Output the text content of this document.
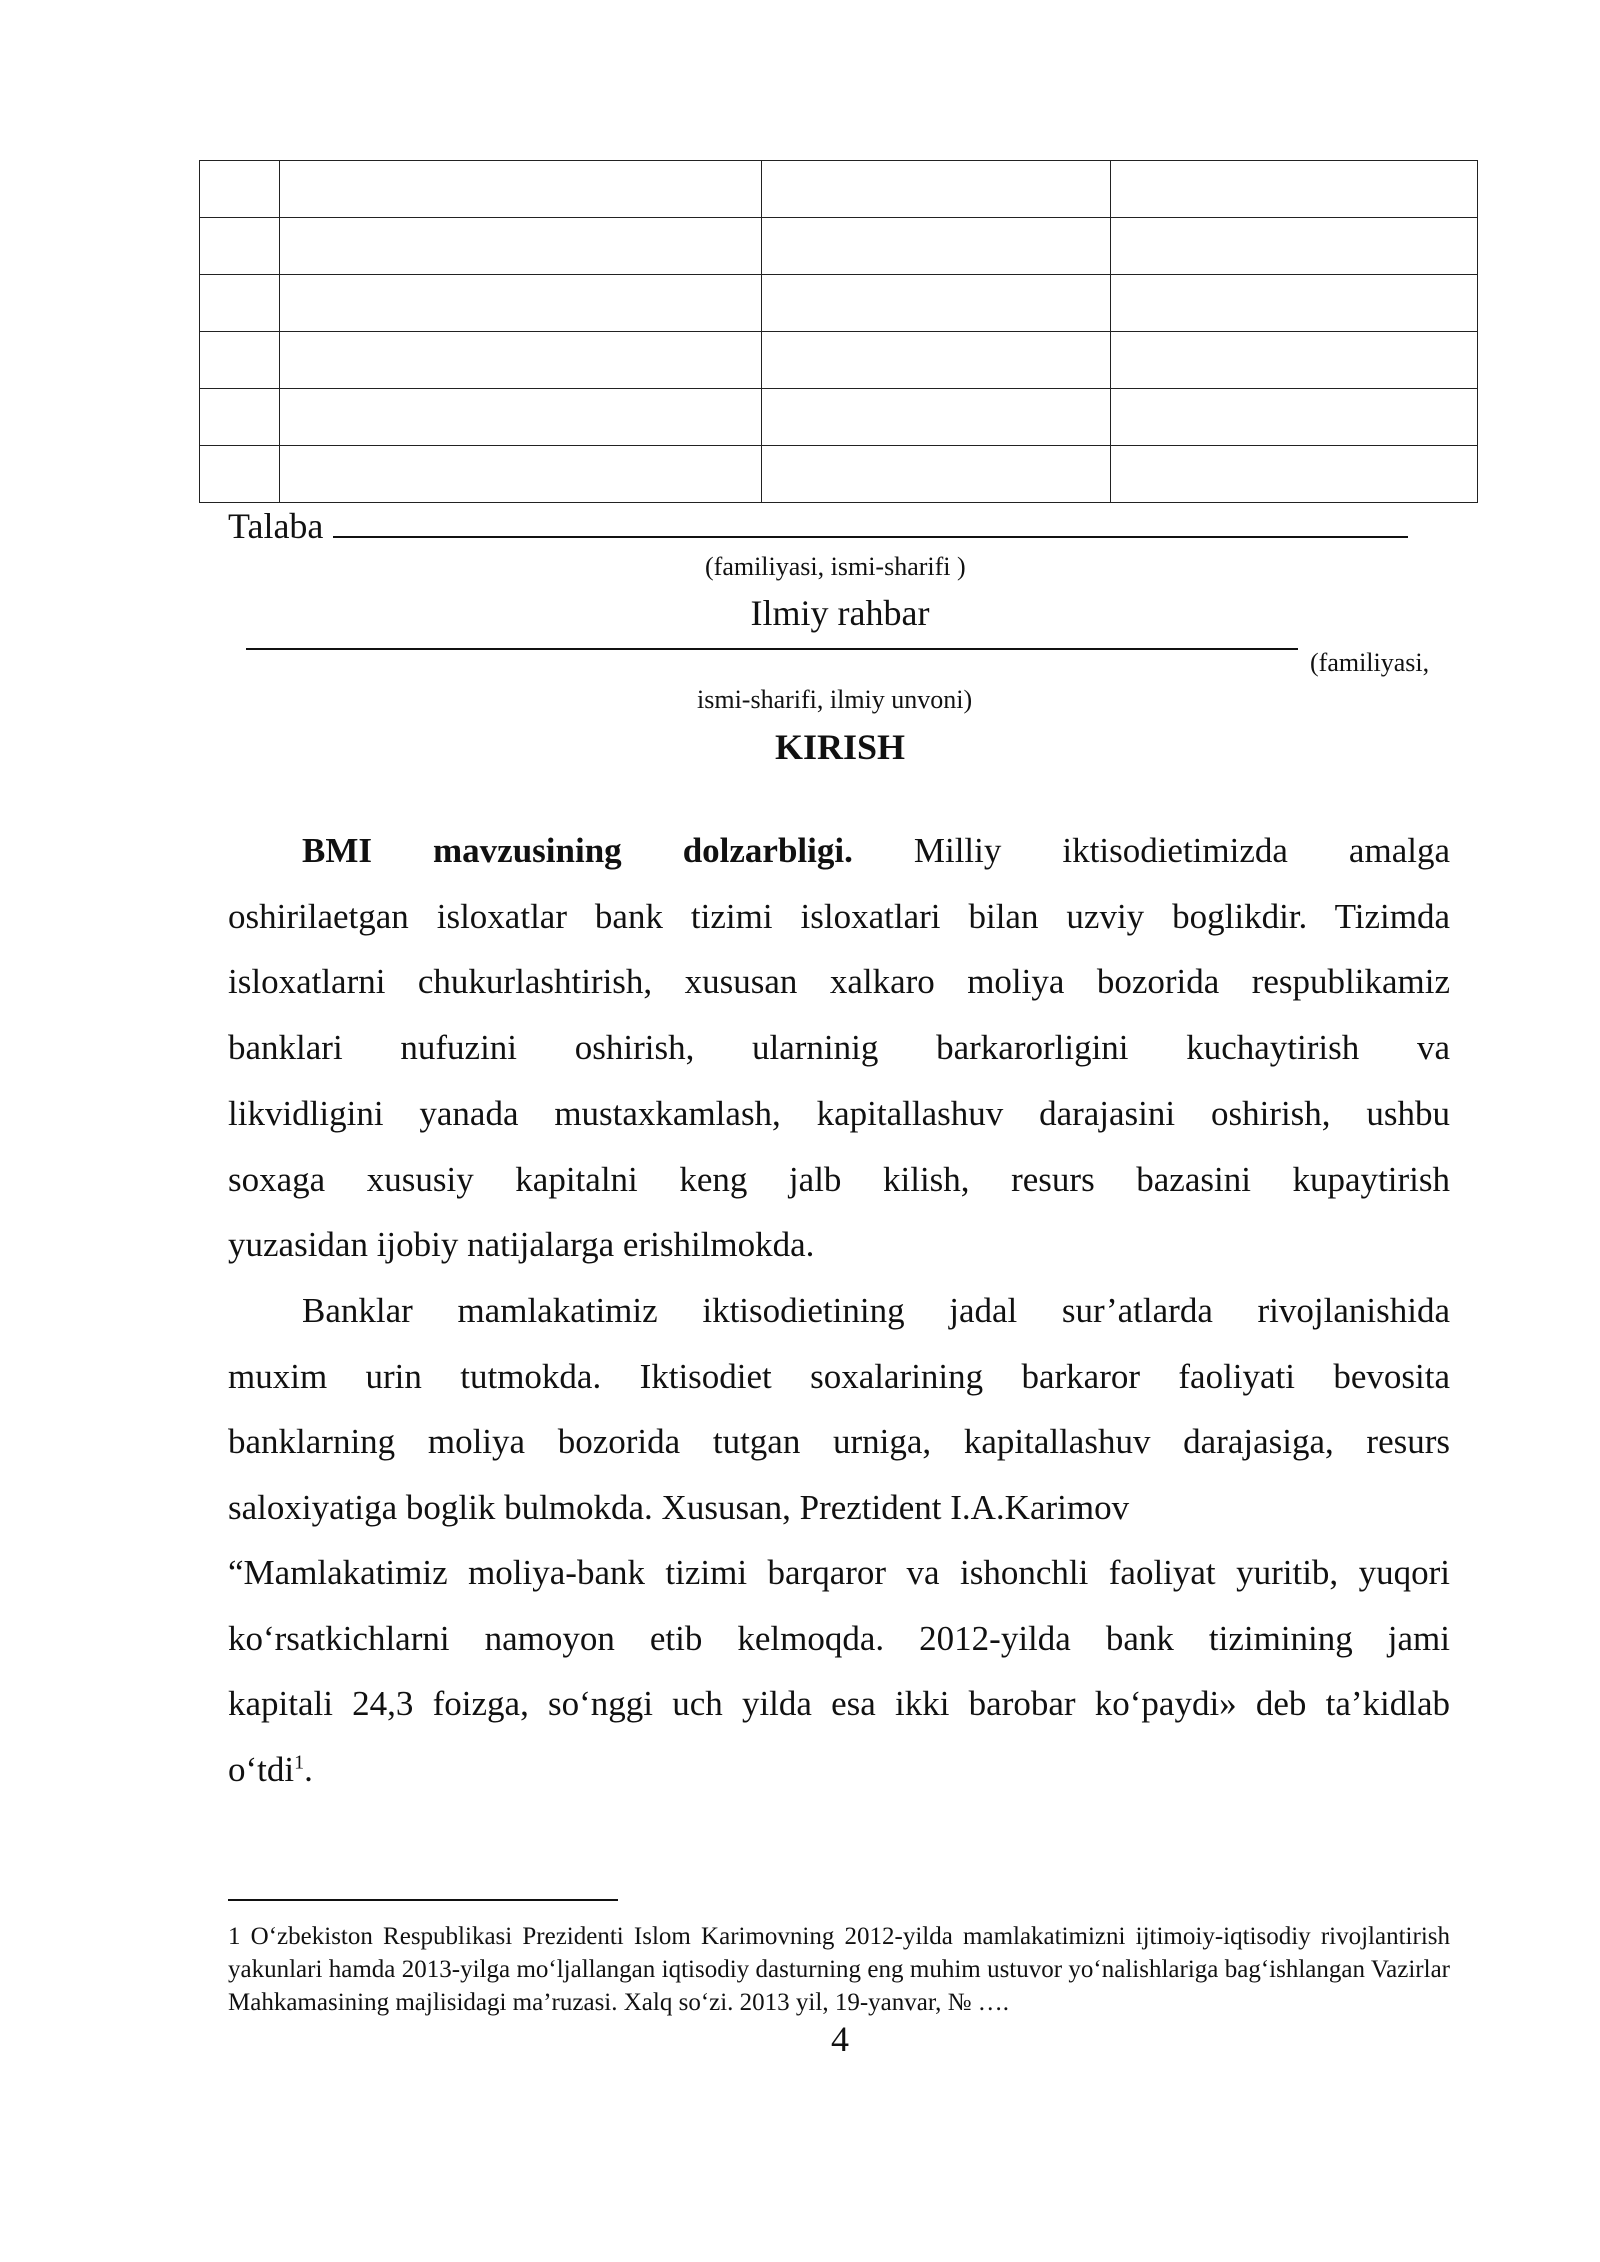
Talaba
(familiyasi, ismi-sharifi )
Ilmiy rahbar
(familiyasi,
ismi-sharifi, ilmiy unvoni)
KIRISH
BMI mavzusining dolzarbligi. Milliy iktisodietimizda amalga
oshirilaetgan isloxatlar bank tizimi isloxatlari bilan uzviy boglikdir. Tizimda
isloxatlarni chukurlashtirish, xususan xalkaro moliya bozorida respublikamiz
banklari nufuzini oshirish, ularninig barkarorligini kuchaytirish va
likvidligini yanada mustaxkamlash, kapitallashuv darajasini oshirish, ushbu
soxaga xususiy kapitalni keng jalb kilish, resurs bazasini kupaytirish
yuzasidan ijobiy natijalarga erishilmokda.
Banklar mamlakatimiz iktisodietining jadal sur’atlarda rivojlanishida
muxim urin tutmokda. Iktisodiet soxalarining barkaror faoliyati bevosita
banklarning moliya bozorida tutgan urniga, kapitallashuv darajasiga, resurs
saloxiyatiga boglik bulmokda. Xususan, Preztident I.A.Karimov
“Mamlakatimiz moliya-bank tizimi barqaror va ishonchli faoliyat yuritib, yuqori
ko‘rsatkichlarni namoyon etib kelmoqda. 2012-yilda bank tizimining jami
kapitali 24,3 foizga, so‘nggi uch yilda esa ikki barobar ko‘paydi» deb ta’kidlab
o‘tdi$^1$.
1 O‘zbekiston Respublikasi Prezidenti Islom Karimovning 2012-yilda mamlakatimizni ijtimoiy-iqtisodiy rivojlantirish yakunlari hamda 2013-yilga mo‘ljallangan iqtisodiy dasturning eng muhim ustuvor yo‘nalishlariga bag‘ishlangan Vazirlar Mahkamasining majlisidagi ma’ruzasi. Xalq so‘zi. 2013 yil, 19-yanvar, № ….
4
